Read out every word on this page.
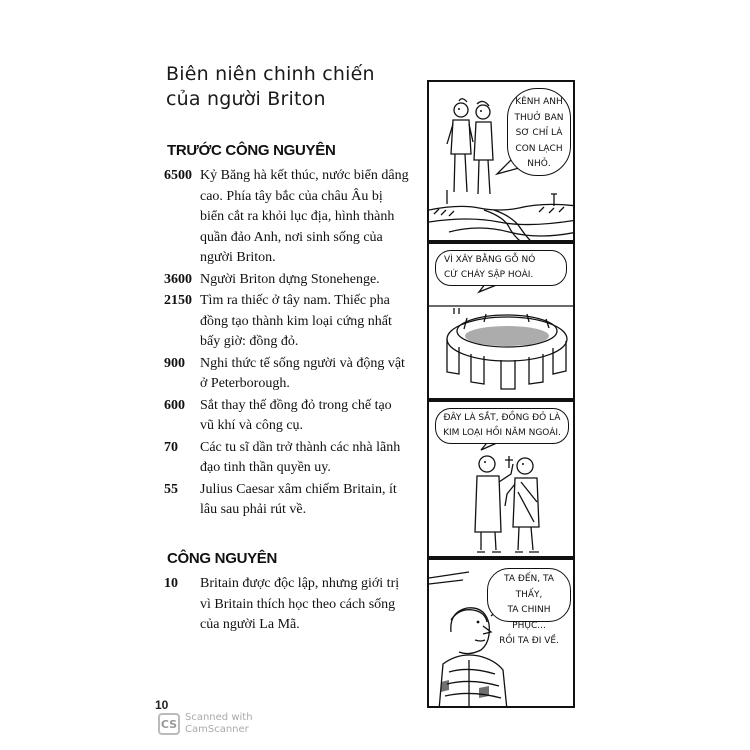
Biên niên chinh chiến
của người Briton
TRƯỚC CÔNG NGUYÊN
6500 Kỷ Băng hà kết thúc, nước biển dâng cao. Phía tây bắc của châu Âu bị biển cắt ra khỏi lục địa, hình thành quần đảo Anh, nơi sinh sống của người Briton.
3600 Người Briton dựng Stonehenge.
2150 Tìm ra thiếc ở tây nam. Thiếc pha đồng tạo thành kim loại cứng nhất bấy giờ: đồng đỏ.
900	Nghi thức tế sống người và động vật ở Peterborough.
600	Sắt thay thế đồng đỏ trong chế tạo vũ khí và công cụ.
70	Các tu sĩ dần trở thành các nhà lãnh đạo tinh thần quyền uy.
55	Julius Caesar xâm chiếm Britain, ít lâu sau phải rút về.
CÔNG NGUYÊN
10	Britain được độc lập, nhưng giới trị vì Britain thích học theo cách sống của người La Mã.
10
KÊNH ANH
THUỞ BAN
SƠ CHỈ LÀ
CON LẠCH
NHỎ.
VÌ XÂY BẰNG GỖ NÓ
CỨ CHÁY SẬP HOÀI.
ĐÂY LÀ SẮT, ĐỒNG ĐỎ LÀ
KIM LOẠI HỒI NĂM NGOÁI.
TA ĐẾN, TA THẤY,
TA CHINH PHỤC...
RỒI TA ĐI VỀ.
CS Scanned with
CamScanner
